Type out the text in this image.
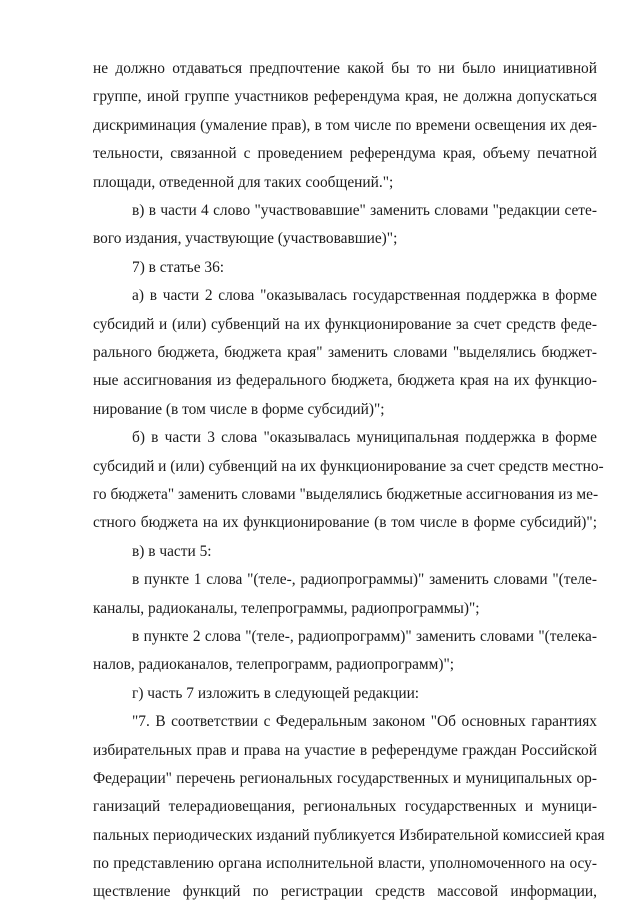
не должно отдаваться предпочтение какой бы то ни было инициативной
группе, иной группе участников референдума края, не должна допускаться
дискриминация (умаление прав), в том числе по времени освещения их дея-
тельности, связанной с проведением референдума края, объему печатной
площади, отведенной для таких сообщений.";
в) в части 4 слово "участвовавшие" заменить словами "редакции сете-
вого издания, участвующие (участвовавшие)";
7) в статье 36:
а) в части 2 слова "оказывалась государственная поддержка в форме
субсидий и (или) субвенций на их функционирование за счет средств феде-
рального бюджета, бюджета края" заменить словами "выделялись бюджет-
ные ассигнования из федерального бюджета, бюджета края на их функцио-
нирование (в том числе в форме субсидий)";
б) в части 3 слова "оказывалась муниципальная поддержка в форме
субсидий и (или) субвенций на их функционирование за счет средств местно-
го бюджета" заменить словами "выделялись бюджетные ассигнования из ме-
стного бюджета на их функционирование (в том числе в форме субсидий)";
в) в части 5:
в пункте 1 слова "(теле-, радиопрограммы)" заменить словами "(теле-
каналы, радиоканалы, телепрограммы, радиопрограммы)";
в пункте 2 слова "(теле-, радиопрограмм)" заменить словами "(телека-
налов, радиоканалов, телепрограмм, радиопрограмм)";
г) часть 7 изложить в следующей редакции:
"7. В соответствии с Федеральным законом "Об основных гарантиях
избирательных прав и права на участие в референдуме граждан Российской
Федерации" перечень региональных государственных и муниципальных ор-
ганизаций телерадиовещания, региональных государственных и муници-
пальных периодических изданий публикуется Избирательной комиссией края
по представлению органа исполнительной власти, уполномоченного на осу-
ществление функций по регистрации средств массовой информации,
